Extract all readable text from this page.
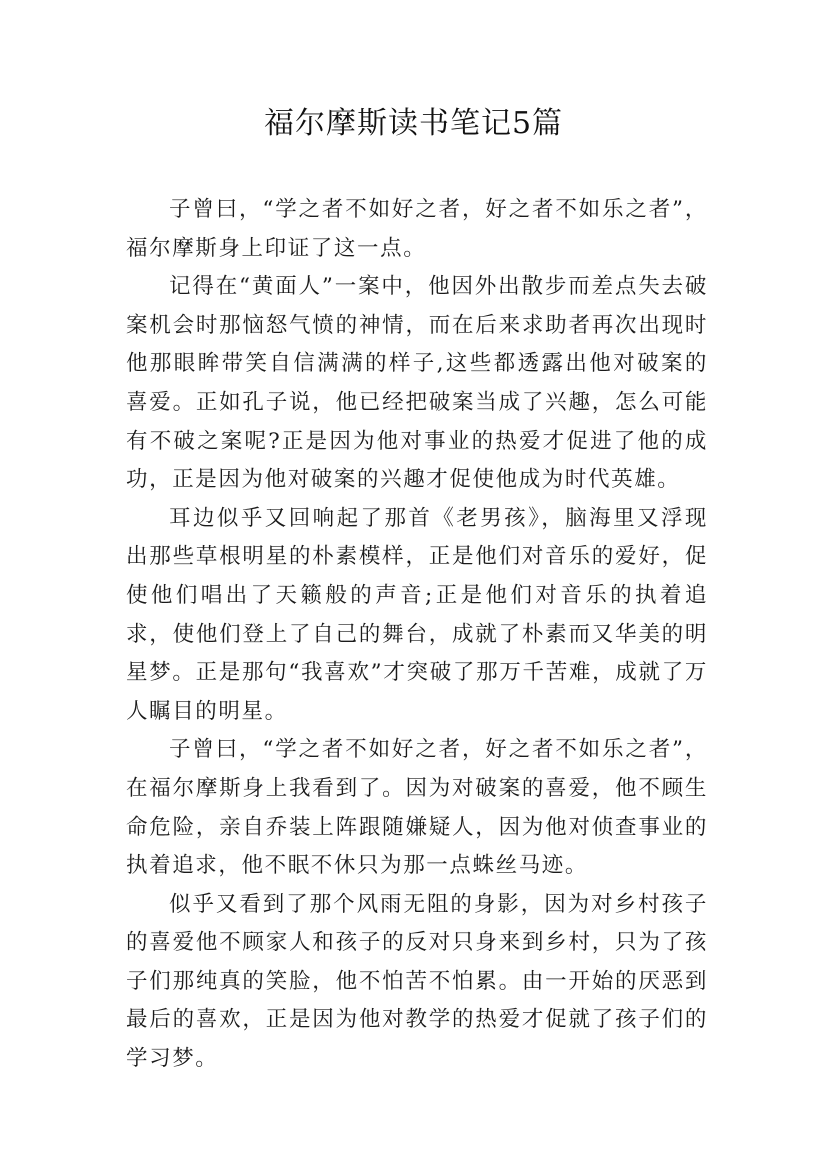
福尔摩斯读书笔记5篇

子曾曰，“学之者不如好之者，好之者不如乐之者”，福尔摩斯身上印证了这一点。

记得在“黄面人”一案中，他因外出散步而差点失去破案机会时那恼怒气愤的神情，而在后来求助者再次出现时他那眼眸带笑自信满满的样子,这些都透露出他对破案的喜爱。正如孔子说，他已经把破案当成了兴趣，怎么可能有不破之案呢?正是因为他对事业的热爱才促进了他的成功，正是因为他对破案的兴趣才促使他成为时代英雄。

耳边似乎又回响起了那首《老男孩》，脑海里又浮现出那些草根明星的朴素模样，正是他们对音乐的爱好，促使他们唱出了天籁般的声音;正是他们对音乐的执着追求，使他们登上了自己的舞台，成就了朴素而又华美的明星梦。正是那句“我喜欢”才突破了那万千苦难，成就了万人瞩目的明星。

子曾曰，“学之者不如好之者，好之者不如乐之者”，在福尔摩斯身上我看到了。因为对破案的喜爱，他不顾生命危险，亲自乔装上阵跟随嫌疑人，因为他对侦查事业的执着追求，他不眠不休只为那一点蛛丝马迹。

似乎又看到了那个风雨无阻的身影，因为对乡村孩子的喜爱他不顾家人和孩子的反对只身来到乡村，只为了孩子们那纯真的笑脸，他不怕苦不怕累。由一开始的厌恶到最后的喜欢，正是因为他对教学的热爱才促就了孩子们的学习梦。
